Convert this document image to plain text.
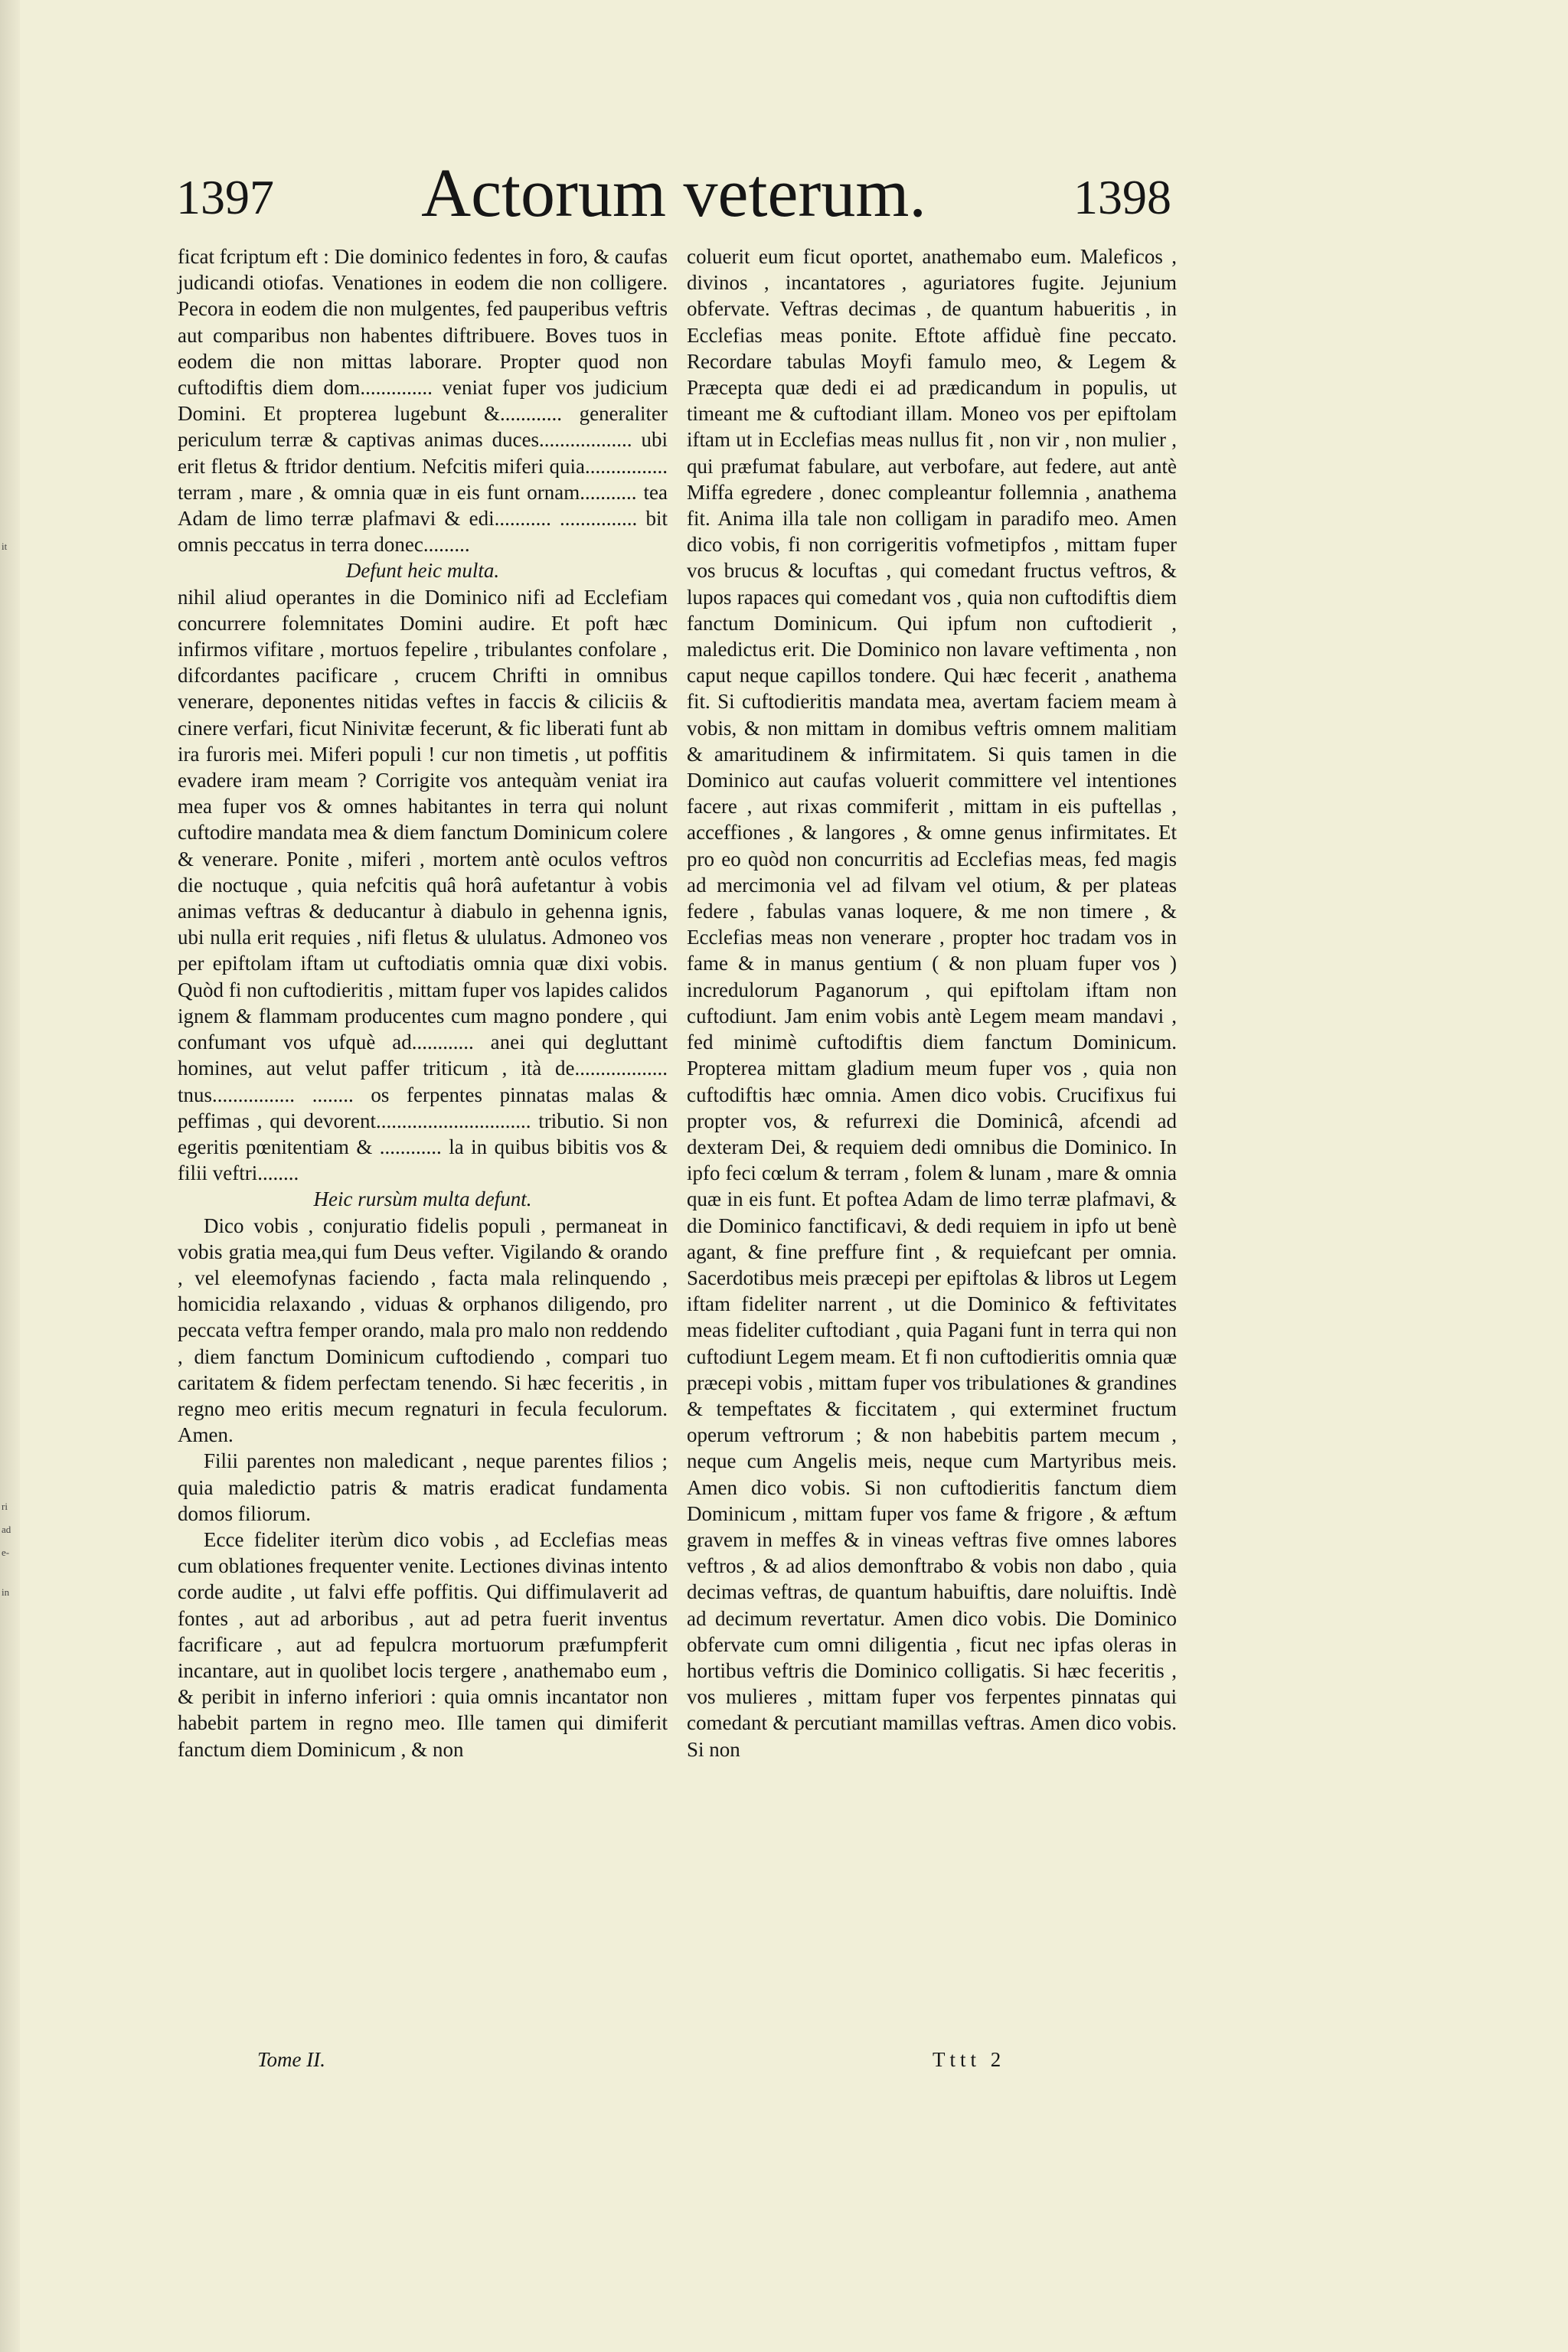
it
ri
ad
e-
in
1397	Actorum veterum.	1398

ficat fcriptum eft : Die dominico fedentes in foro, & caufas judicandi otiofas. Venationes in eodem die non colligere. Pecora in eodem die non mulgentes, fed pauperibus veftris aut comparibus non habentes diftribuere. Boves tuos in eodem die non mittas laborare. Propter quod non cuftodiftis diem dom.............. veniat fuper vos judicium Domini. Et propterea lugebunt &............ generaliter periculum terræ & captivas animas duces.................. ubi erit fletus & ftridor dentium. Nefcitis miferi quia................ terram , mare , & omnia quæ in eis funt ornam........... tea Adam de limo terræ plafmavi & edi........... ............... bit omnis peccatus in terra donec.........

Defunt heic multa.

nihil aliud operantes in die Dominico nifi ad Ecclefiam concurrere folemnitates Domini audire. Et poft hæc infirmos vifitare , mortuos fepelire , tribulantes confolare , difcordantes pacificare , crucem Chrifti in omnibus venerare, deponentes nitidas veftes in faccis & ciliciis & cinere verfari, ficut Ninivitæ fecerunt, & fic liberati funt ab ira furoris mei. Miferi populi ! cur non timetis , ut poffitis evadere iram meam ? Corrigite vos antequàm veniat ira mea fuper vos & omnes habitantes in terra qui nolunt cuftodire mandata mea & diem fanctum Dominicum colere & venerare. Ponite , miferi , mortem antè oculos veftros die noctuque , quia nefcitis quâ horâ aufetantur à vobis animas veftras & deducantur à diabulo in gehenna ignis, ubi nulla erit requies , nifi fletus & ululatus. Admoneo vos per epiftolam iftam ut cuftodiatis omnia quæ dixi vobis. Quòd fi non cuftodieritis , mittam fuper vos lapides calidos ignem & flammam producentes cum magno pondere , qui confumant vos ufquè ad............ anei qui degluttant homines, aut velut paffer triticum , ità de.................. tnus................ ........ os ferpentes pinnatas malas & peffimas , qui devorent.............................. tributio. Si non egeritis pœnitentiam & ............ la in quibus bibitis vos & filii veftri........

Heic rursùm multa defunt.

Dico vobis , conjuratio fidelis populi , permaneat in vobis gratia mea,qui fum Deus vefter. Vigilando & orando , vel eleemofynas faciendo , facta mala relinquendo , homicidia relaxando , viduas & orphanos diligendo, pro peccata veftra femper orando, mala pro malo non reddendo , diem fanctum Dominicum cuftodiendo , compari tuo caritatem & fidem perfectam tenendo. Si hæc feceritis , in regno meo eritis mecum regnaturi in fecula feculorum. Amen.

Filii parentes non maledicant , neque parentes filios ; quia maledictio patris & matris eradicat fundamenta domos filiorum.

Ecce fideliter iterùm dico vobis , ad Ecclefias meas cum oblationes frequenter venite. Lectiones divinas intento corde audite , ut falvi effe poffitis. Qui diffimulaverit ad fontes , aut ad arboribus , aut ad petra fuerit inventus facrificare , aut ad fepulcra mortuorum præfumpferit incantare, aut in quolibet locis tergere , anathemabo eum , & peribit in inferno inferiori : quia omnis incantator non habebit partem in regno meo. Ille tamen qui dimiferit fanctum diem Dominicum , & non

coluerit eum ficut oportet, anathemabo eum. Maleficos , divinos , incantatores , aguriatores fugite. Jejunium obfervate. Veftras decimas , de quantum habueritis , in Ecclefias meas ponite. Eftote affiduè fine peccato. Recordare tabulas Moyfi famulo meo, & Legem & Præcepta quæ dedi ei ad prædicandum in populis, ut timeant me & cuftodiant illam. Moneo vos per epiftolam iftam ut in Ecclefias meas nullus fit , non vir , non mulier , qui præfumat fabulare, aut verbofare, aut federe, aut antè Miffa egredere , donec compleantur follemnia , anathema fit. Anima illa tale non colligam in paradifo meo. Amen dico vobis, fi non corrigeritis vofmetipfos , mittam fuper vos brucus & locuftas , qui comedant fructus veftros, & lupos rapaces qui comedant vos , quia non cuftodiftis diem fanctum Dominicum. Qui ipfum non cuftodierit , maledictus erit. Die Dominico non lavare veftimenta , non caput neque capillos tondere. Qui hæc fecerit , anathema fit. Si cuftodieritis mandata mea, avertam faciem meam à vobis, & non mittam in domibus veftris omnem malitiam & amaritudinem & infirmitatem. Si quis tamen in die Dominico aut caufas voluerit committere vel intentiones facere , aut rixas commiferit , mittam in eis puftellas , acceffiones , & langores , & omne genus infirmitates. Et pro eo quòd non concurritis ad Ecclefias meas, fed magis ad mercimonia vel ad filvam vel otium, & per plateas federe , fabulas vanas loquere, & me non timere , & Ecclefias meas non venerare , propter hoc tradam vos in fame & in manus gentium ( & non pluam fuper vos ) incredulorum Paganorum , qui epiftolam iftam non cuftodiunt. Jam enim vobis antè Legem meam mandavi , fed minimè cuftodiftis diem fanctum Dominicum. Propterea mittam gladium meum fuper vos , quia non cuftodiftis hæc omnia. Amen dico vobis. Crucifixus fui propter vos, & refurrexi die Dominicâ, afcendi ad dexteram Dei, & requiem dedi omnibus die Dominico. In ipfo feci cœlum & terram , folem & lunam , mare & omnia quæ in eis funt. Et poftea Adam de limo terræ plafmavi, & die Dominico fanctificavi, & dedi requiem in ipfo ut benè agant, & fine preffure fint , & requiefcant per omnia. Sacerdotibus meis præcepi per epiftolas & libros ut Legem iftam fideliter narrent , ut die Dominico & feftivitates meas fideliter cuftodiant , quia Pagani funt in terra qui non cuftodiunt Legem meam. Et fi non cuftodieritis omnia quæ præcepi vobis , mittam fuper vos tribulationes & grandines & tempeftates & ficcitatem , qui exterminet fructum operum veftrorum ; & non habebitis partem mecum , neque cum Angelis meis, neque cum Martyribus meis. Amen dico vobis. Si non cuftodieritis fanctum diem Dominicum , mittam fuper vos fame & frigore , & æftum gravem in meffes & in vineas veftras five omnes labores veftros , & ad alios demonftrabo & vobis non dabo , quia decimas veftras, de quantum habuiftis, dare noluiftis. Indè ad decimum revertatur. Amen dico vobis. Die Dominico obfervate cum omni diligentia , ficut nec ipfas oleras in hortibus veftris die Dominico colligatis. Si hæc feceritis , vos mulieres , mittam fuper vos ferpentes pinnatas qui comedant & percutiant mamillas veftras. Amen dico vobis. Si non

Tome II.	Tttt 2
